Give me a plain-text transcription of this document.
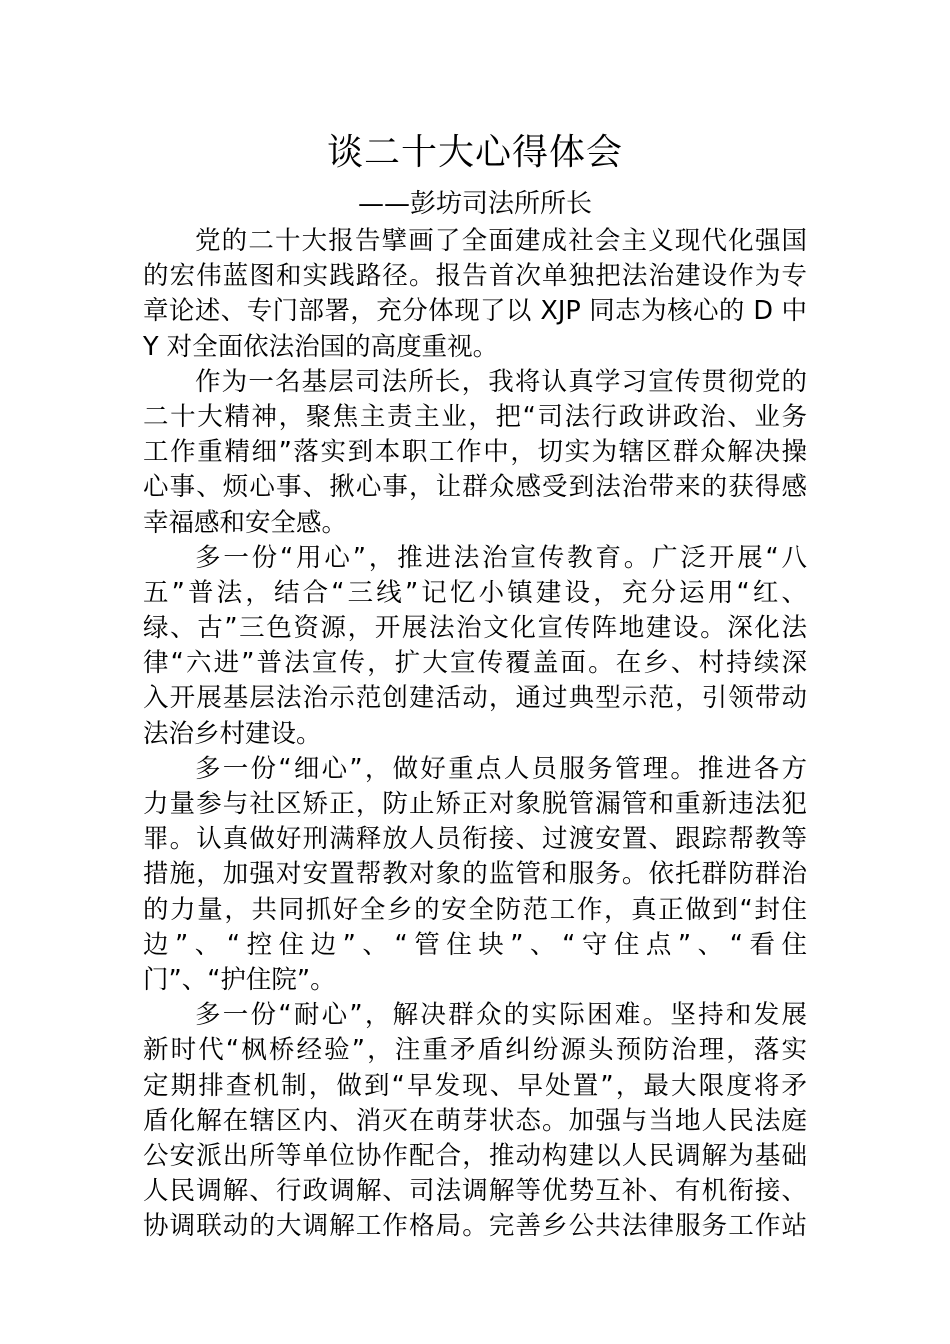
谈二十大心得体会
——彭坊司法所所长
党的二十大报告擘画了全面建成社会主义现代化强国
的宏伟蓝图和实践路径。报告首次单独把法治建设作为专
章论述、专门部署，充分体现了以 XJP 同志为核心的 D 中
Y 对全面依法治国的高度重视。
作为一名基层司法所长，我将认真学习宣传贯彻党的
二十大精神，聚焦主责主业，把“司法行政讲政治、业务
工作重精细”落实到本职工作中，切实为辖区群众解决操
心事、烦心事、揪心事，让群众感受到法治带来的获得感
幸福感和安全感。
多一份“用心”，推进法治宣传教育。广泛开展“八
五”普法，结合“三线”记忆小镇建设，充分运用“红、
绿、古”三色资源，开展法治文化宣传阵地建设。深化法
律“六进”普法宣传，扩大宣传覆盖面。在乡、村持续深
入开展基层法治示范创建活动，通过典型示范，引领带动
法治乡村建设。
多一份“细心”，做好重点人员服务管理。推进各方
力量参与社区矫正，防止矫正对象脱管漏管和重新违法犯
罪。认真做好刑满释放人员衔接、过渡安置、跟踪帮教等
措施，加强对安置帮教对象的监管和服务。依托群防群治
的力量，共同抓好全乡的安全防范工作，真正做到“封住
边”、“控住边”、“管住块”、“守住点”、“看住
门”、“护住院”。
多一份“耐心”，解决群众的实际困难。坚持和发展
新时代“枫桥经验”，注重矛盾纠纷源头预防治理，落实
定期排查机制，做到“早发现、早处置”，最大限度将矛
盾化解在辖区内、消灭在萌芽状态。加强与当地人民法庭
公安派出所等单位协作配合，推动构建以人民调解为基础
人民调解、行政调解、司法调解等优势互补、有机衔接、
协调联动的大调解工作格局。完善乡公共法律服务工作站
